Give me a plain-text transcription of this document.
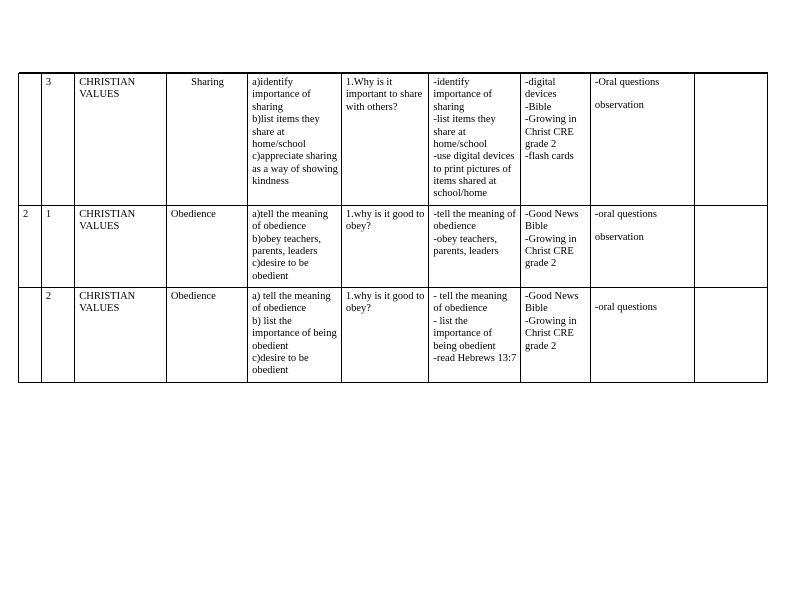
	3	CHRISTIAN VALUES	Sharing	a)identify importance of sharing
b)list items they share at home/school
c)appreciate sharing as a way of showing kindness	1.Why is it important to share with others?	-identify importance of sharing
-list items they share at home/school
-use digital devices to print pictures of items shared at school/home	-digital devices
-Bible
-Growing in Christ CRE grade 2
-flash cards	-Oral questions
observation	

2	1	CHRISTIAN VALUES	Obedience	a)tell the meaning of obedience
b)obey teachers, parents, leaders
c)desire to be obedient	1.why is it good to obey?	-tell the meaning of obedience
-obey teachers, parents, leaders	-Good News Bible
-Growing in Christ CRE grade 2	-oral questions
observation	

	2	CHRISTIAN VALUES	Obedience	a) tell the meaning of obedience
b) list the importance of being obedient
c)desire to be obedient	1.why is it good to obey?	- tell the meaning of obedience
- list the importance of being obedient
-read Hebrews 13:7	-Good News Bible
-Growing in Christ CRE grade 2	-oral questions	
